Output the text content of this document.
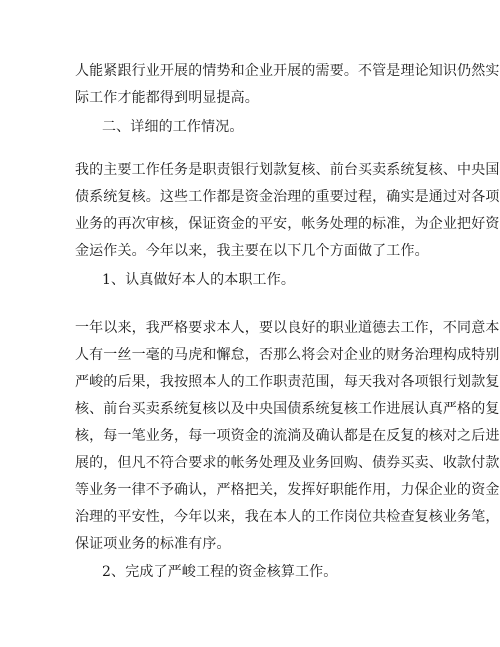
人能紧跟行业开展的情势和企业开展的需要。不管是理论知识仍然实
际工作才能都得到明显提高。
二、详细的工作情况。
我的主要工作任务是职责银行划款复核、前台买卖系统复核、中央国
债系统复核。这些工作都是资金治理的重要过程，确实是通过对各项
业务的再次审核，保证资金的平安，帐务处理的标准，为企业把好资
金运作关。今年以来，我主要在以下几个方面做了工作。
1、认真做好本人的本职工作。
一年以来，我严格要求本人，要以良好的职业道德去工作，不同意本
人有一丝一毫的马虎和懈怠，否那么将会对企业的财务治理构成特别
严峻的后果，我按照本人的工作职责范围，每天我对各项银行划款复
核、前台买卖系统复核以及中央国债系统复核工作进展认真严格的复
核，每一笔业务，每一项资金的流淌及确认都是在反复的核对之后进
展的，但凡不符合要求的帐务处理及业务回购、债券买卖、收款付款
等业务一律不予确认，严格把关，发挥好职能作用，力保企业的资金
治理的平安性，今年以来，我在本人的工作岗位共检查复核业务笔，
保证项业务的标准有序。
2、完成了严峻工程的资金核算工作。
